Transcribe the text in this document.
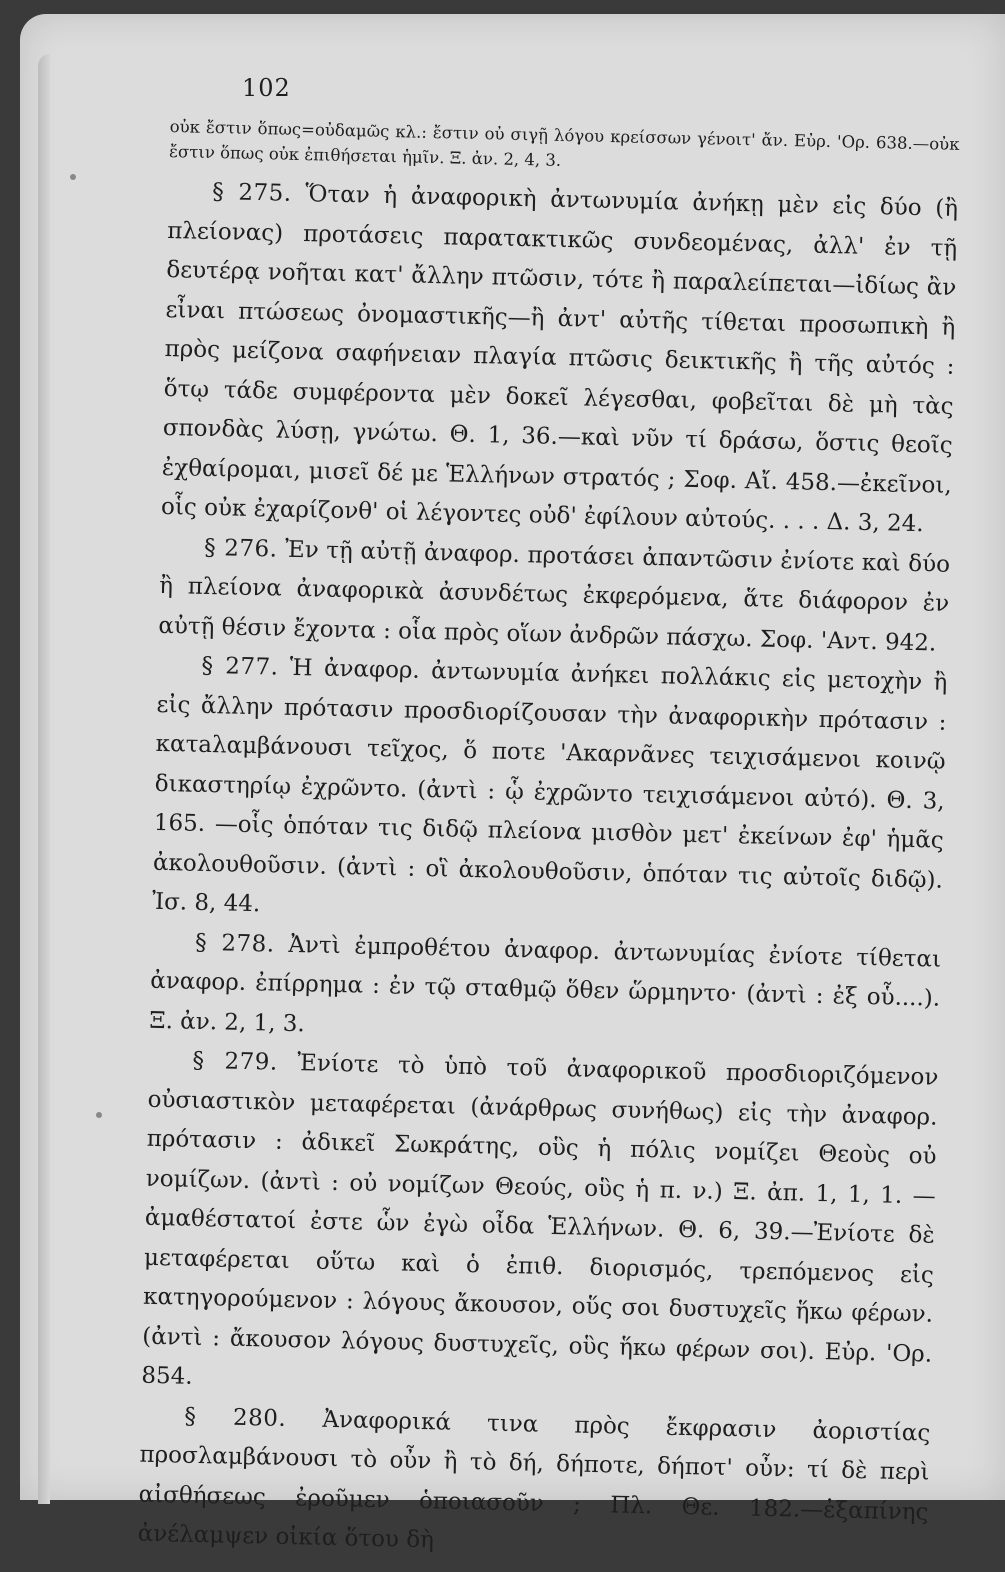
102

οὐκ ἔστιν ὅπως=οὐδαμῶς κλ.: ἔστιν οὐ σιγῇ λόγου κρείσσων γένοιτ' ἄν. Εὐρ. 'Ορ. 638.—οὐκ ἔστιν ὅπως οὐκ ἐπιθήσεται ἡμῖν. Ξ. ἀν. 2, 4, 3.

§ 275. Ὅταν ἡ ἀναφορικὴ ἀντωνυμία ἀνήκῃ μὲν εἰς δύο (ἢ πλείονας) προτάσεις παρατακτικῶς συνδεομένας, ἀλλ' ἐν τῇ δευτέρᾳ νοῆται κατ' ἄλλην πτῶσιν, τότε ἢ παραλείπεται—ἰδίως ἂν εἶναι πτώσεως ὀνομαστικῆς—ἢ ἀντ' αὐτῆς τίθεται προσωπικὴ ἢ πρὸς μείζονα σαφήνειαν πλαγία πτῶσις δεικτικῆς ἢ τῆς αὐτός : ὅτῳ τάδε συμφέροντα μὲν δοκεῖ λέγεσθαι, φοβεῖται δὲ μὴ τὰς σπονδὰς λύσῃ, γνώτω. Θ. 1, 36.—καὶ νῦν τί δράσω, ὅστις θεοῖς ἐχθαίρομαι, μισεῖ δέ με Ἑλλήνων στρατός ; Σοφ. Αἴ. 458.—ἐκεῖνοι, οἷς οὐκ ἐχαρίζονθ' οἱ λέγοντες οὐδ' ἐφίλουν αὐτούς. . . . Δ. 3, 24.

§ 276. Ἐν τῇ αὐτῇ ἀναφορ. προτάσει ἀπαντῶσιν ἐνίοτε καὶ δύο ἢ πλείονα ἀναφορικὰ ἀσυνδέτως ἐκφερόμενα, ἅτε διάφορον ἐν αὐτῇ θέσιν ἔχοντα : οἷα πρὸς οἵων ἀνδρῶν πάσχω. Σοφ. 'Αντ. 942.

§ 277. Ἡ ἀναφορ. ἀντωνυμία ἀνήκει πολλάκις εἰς μετοχὴν ἢ εἰς ἄλλην πρότασιν προσδιορίζουσαν τὴν ἀναφορικὴν πρότασιν : κατaλαμβάνουσι τεῖχος, ὅ ποτε 'Ακαρνᾶνες τειχισάμενοι κοινῷ δικαστηρίῳ ἐχρῶντο. (ἀντὶ : ᾧ ἐχρῶντο τειχισάμενοι αὐτό). Θ. 3, 165. —οἷς ὁπόταν τις διδῷ πλείονα μισθὸν μετ' ἐκείνων ἐφ' ἡμᾶς ἀκολουθοῦσιν. (ἀντὶ : οἳ ἀκολουθοῦσιν, ὁπόταν τις αὐτοῖς διδῷ). Ἰσ. 8, 44.

§ 278. Ἀντὶ ἐμπροθέτου ἀναφορ. ἀντωνυμίας ἐνίοτε τίθεται ἀναφορ. ἐπίρρημα : ἐν τῷ σταθμῷ ὅθεν ὥρμηντο· (ἀντὶ : ἐξ οὗ....). Ξ. ἀν. 2, 1, 3.

§ 279. Ἐνίοτε τὸ ὑπὸ τοῦ ἀναφορικοῦ προσδιοριζόμενον οὐσιαστικὸν μεταφέρεται (ἀνάρθρως συνήθως) εἰς τὴν ἀναφορ. πρότασιν : ἀδικεῖ Σωκράτης, οὓς ἡ πόλις νομίζει Θεοὺς οὐ νομίζων. (ἀντὶ : οὐ νομίζων Θεούς, οὓς ἡ π. ν.) Ξ. ἀπ. 1, 1, 1. —ἀμαθέστατοί ἐστε ὧν ἐγὼ οἶδα Ἑλλήνων. Θ. 6, 39.—Ἐνίοτε δὲ μεταφέρεται οὕτω καὶ ὁ ἐπιθ. διορισμός, τρεπόμενος εἰς κατηγορούμενον : λόγους ἄκουσον, οὕς σοι δυστυχεῖς ἥκω φέρων. (ἀντὶ : ἄκουσον λόγους δυστυχεῖς, οὓς ἥκω φέρων σοι). Εὐρ. 'Ορ. 854.

§ 280. Ἀναφορικά τινα πρὸς ἔκφρασιν ἀοριστίας προσλαμβάνουσι τὸ οὖν ἢ τὸ δή, δήποτε, δήποτ' οὖν: τί δὲ περὶ αἰσθήσεως ἐροῦμεν ὁποιασοῦν ; Πλ. Θε. 182.—ἐξαπίνης ἀνέλαμψεν οἰκία ὅτου δὴ
